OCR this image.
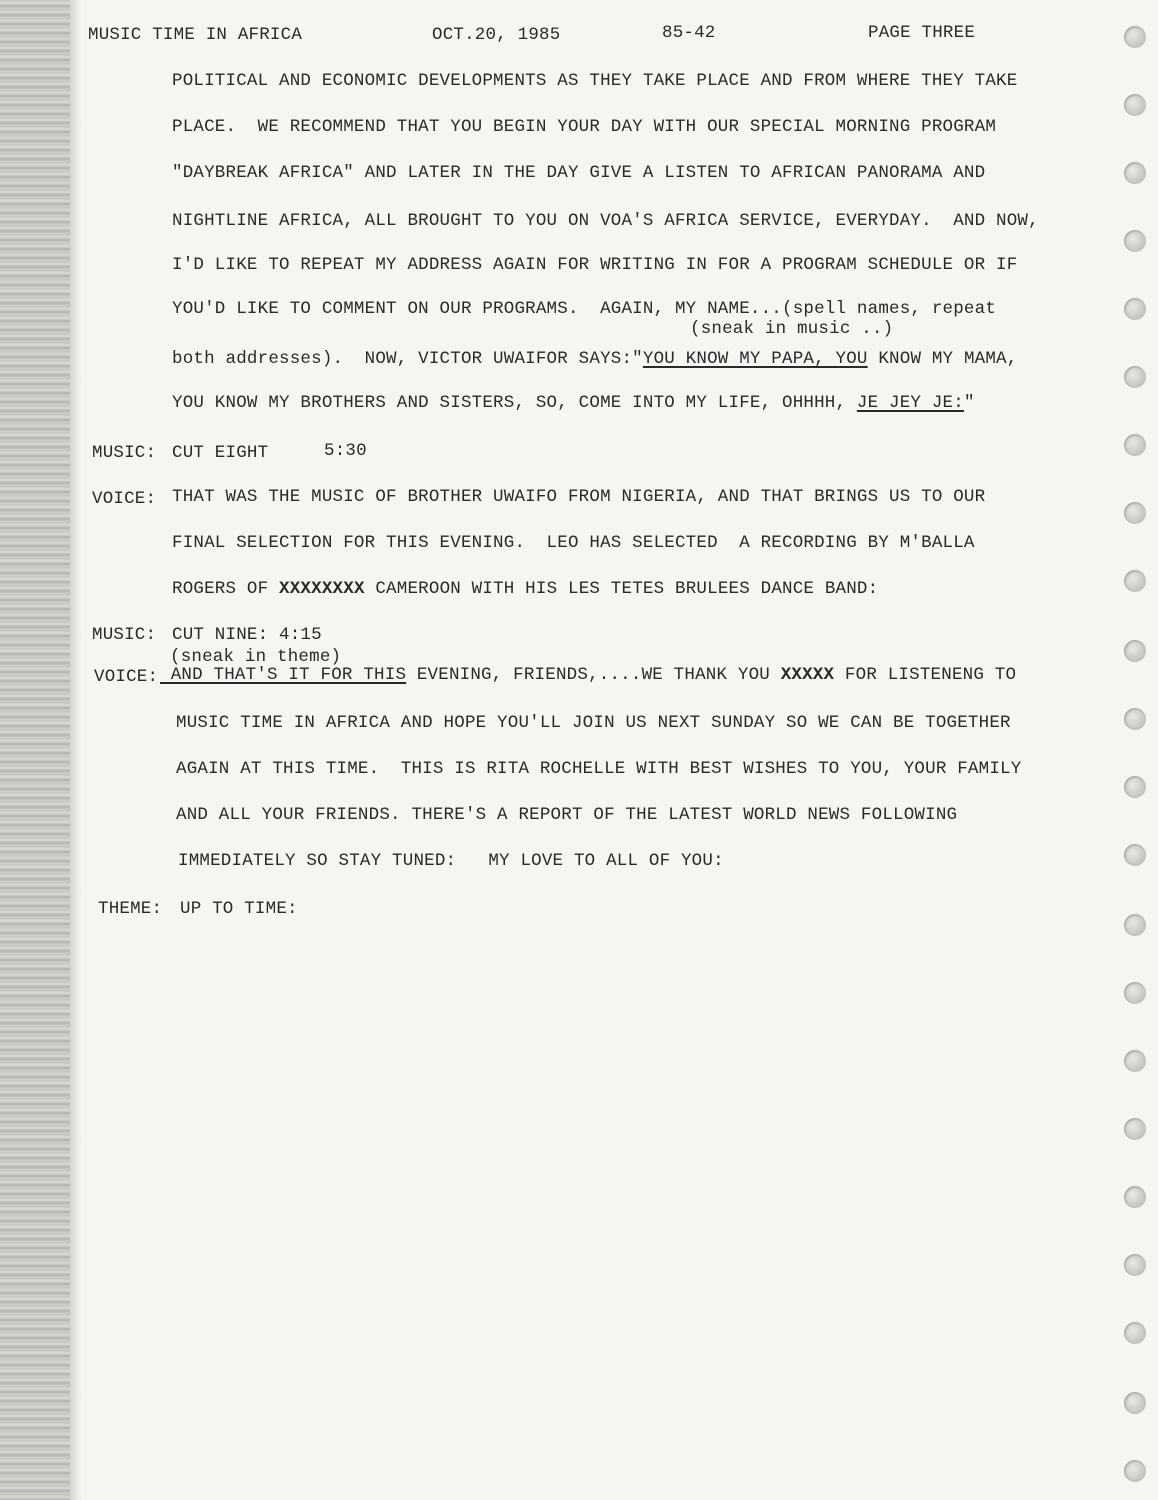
MUSIC TIME IN AFRICA	OCT.20, 1985	85-42	PAGE THREE
POLITICAL AND ECONOMIC DEVELOPMENTS AS THEY TAKE PLACE AND FROM WHERE THEY TAKE
PLACE.  WE RECOMMEND THAT YOU BEGIN YOUR DAY WITH OUR SPECIAL MORNING PROGRAM
"DAYBREAK AFRICA" AND LATER IN THE DAY GIVE A LISTEN TO AFRICAN PANORAMA AND
NIGHTLINE AFRICA, ALL BROUGHT TO YOU ON VOA'S AFRICA SERVICE, EVERYDAY.  AND NOW,
I'D LIKE TO REPEAT MY ADDRESS AGAIN FOR WRITING IN FOR A PROGRAM SCHEDULE OR IF
YOU'D LIKE TO COMMENT ON OUR PROGRAMS.  AGAIN, MY NAME...(spell names, repeat
(sneak in music ..)
both addresses).  NOW, VICTOR UWAIFOR SAYS:"YOU KNOW MY PAPA, YOU KNOW MY MAMA,
YOU KNOW MY BROTHERS AND SISTERS, SO, COME INTO MY LIFE, OHHHH, JE JEY JE:"
MUSIC: CUT EIGHT	5:30
VOICE: THAT WAS THE MUSIC OF BROTHER UWAIFO FROM NIGERIA, AND THAT BRINGS US TO OUR
FINAL SELECTION FOR THIS EVENING.  LEO HAS SELECTED  A RECORDING BY M'BALLA
ROGERS OF XXXXXXXX CAMEROON WITH HIS LES TETES BRULEES DANCE BAND:
MUSIC: CUT NINE: 4:15
(sneak in theme)
VOICE: AND THAT'S IT FOR THIS EVENING, FRIENDS,....WE THANK YOU XXXXX FOR LISTENENG TO
MUSIC TIME IN AFRICA AND HOPE YOU'LL JOIN US NEXT SUNDAY SO WE CAN BE TOGETHER
AGAIN AT THIS TIME.  THIS IS RITA ROCHELLE WITH BEST WISHES TO YOU, YOUR FAMILY
AND ALL YOUR FRIENDS. THERE'S A REPORT OF THE LATEST WORLD NEWS FOLLOWING
IMMEDIATELY SO STAY TUNED:   MY LOVE TO ALL OF YOU:
THEME: UP TO TIME:
